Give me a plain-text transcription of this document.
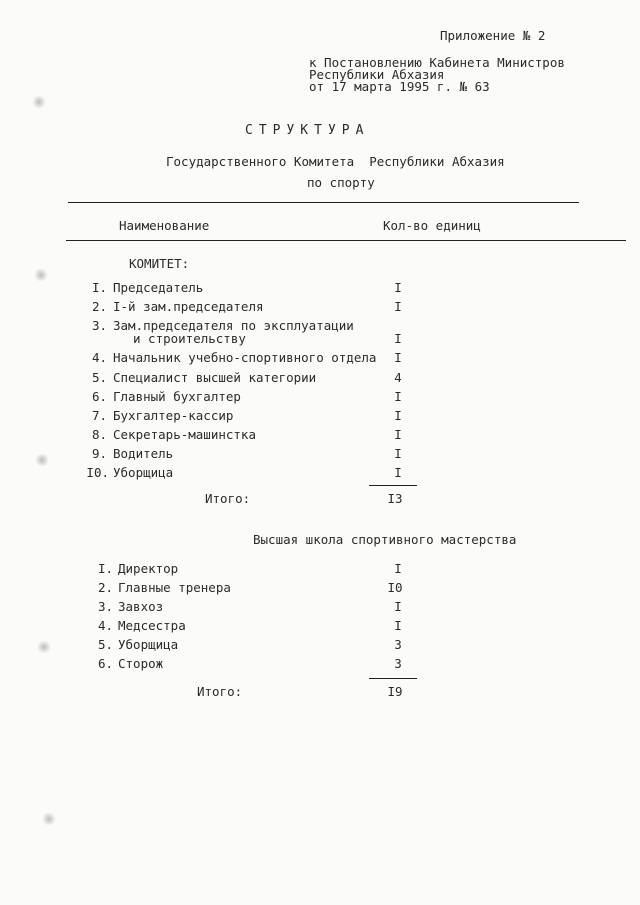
Приложение № 2
к Постановлению Кабинета Министров
Республики Абхазия
от 17 марта 1995 г. № 63
СТРУКТУРА
Государственного Комитета  Республики Абхазия
по спорту
Наименование	Кол-во единиц
КОМИТЕТ:
I. Председатель	I
2. I-й зам.председателя	I
3. Зам.председателя по эксплуатации
и строительству	I
4. Начальник учебно-спортивного отдела	I
5. Специалист высшей категории	4
6. Главный бухгалтер	I
7. Бухгалтер-кассир	I
8. Секретарь-машинстка	I
9. Водитель	I
I0. Уборщица	I
Итого:	I3
Высшая школа спортивного мастерства
I. Директор	I
2. Главные тренера	I0
3. Завхоз	I
4. Медсестра	I
5. Уборщица	3
6. Сторож	3
Итого:	I9
